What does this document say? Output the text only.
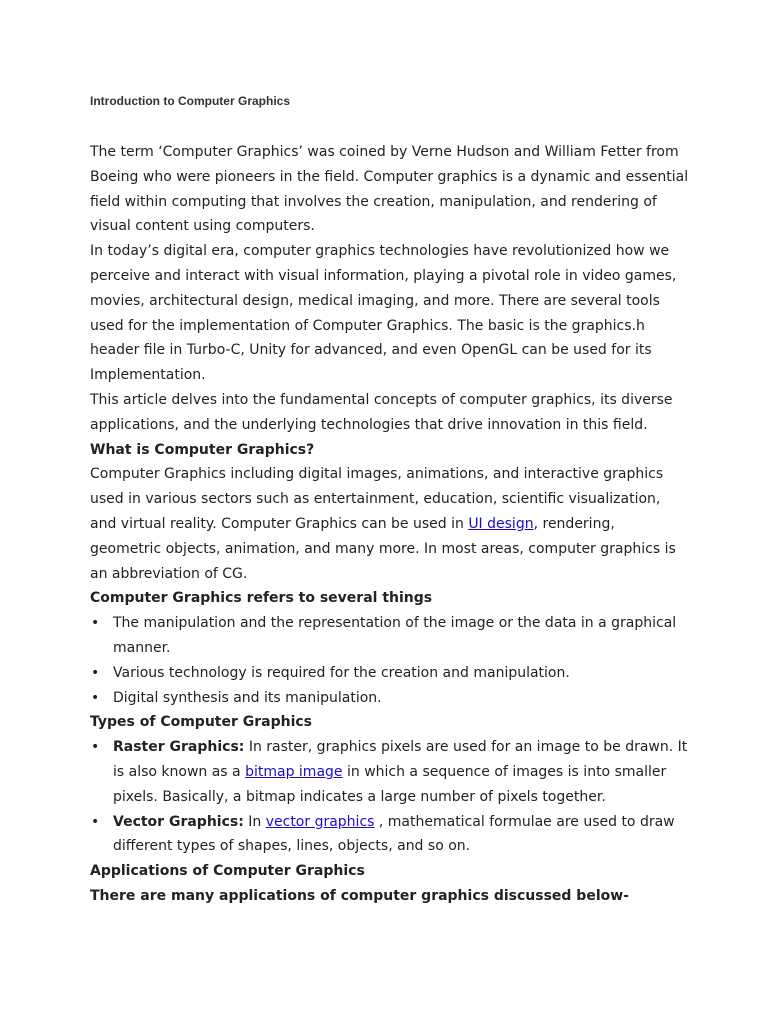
Introduction to Computer Graphics

The term ‘Computer Graphics’ was coined by Verne Hudson and William Fetter from Boeing who were pioneers in the field. Computer graphics is a dynamic and essential field within computing that involves the creation, manipulation, and rendering of visual content using computers.

In today’s digital era, computer graphics technologies have revolutionized how we perceive and interact with visual information, playing a pivotal role in video games, movies, architectural design, medical imaging, and more. There are several tools used for the implementation of Computer Graphics. The basic is the graphics.h header file in Turbo-C, Unity for advanced, and even OpenGL can be used for its Implementation.

This article delves into the fundamental concepts of computer graphics, its diverse applications, and the underlying technologies that drive innovation in this field.

What is Computer Graphics?

Computer Graphics including digital images, animations, and interactive graphics used in various sectors such as entertainment, education, scientific visualization, and virtual reality. Computer Graphics can be used in UI design, rendering, geometric objects, animation, and many more. In most areas, computer graphics is an abbreviation of CG.

Computer Graphics refers to several things
• The manipulation and the representation of the image or the data in a graphical manner.
• Various technology is required for the creation and manipulation.
• Digital synthesis and its manipulation.
Types of Computer Graphics
• Raster Graphics: In raster, graphics pixels are used for an image to be drawn. It is also known as a bitmap image in which a sequence of images is into smaller pixels. Basically, a bitmap indicates a large number of pixels together.
• Vector Graphics: In vector graphics , mathematical formulae are used to draw different types of shapes, lines, objects, and so on.
Applications of Computer Graphics
There are many applications of computer graphics discussed below-
